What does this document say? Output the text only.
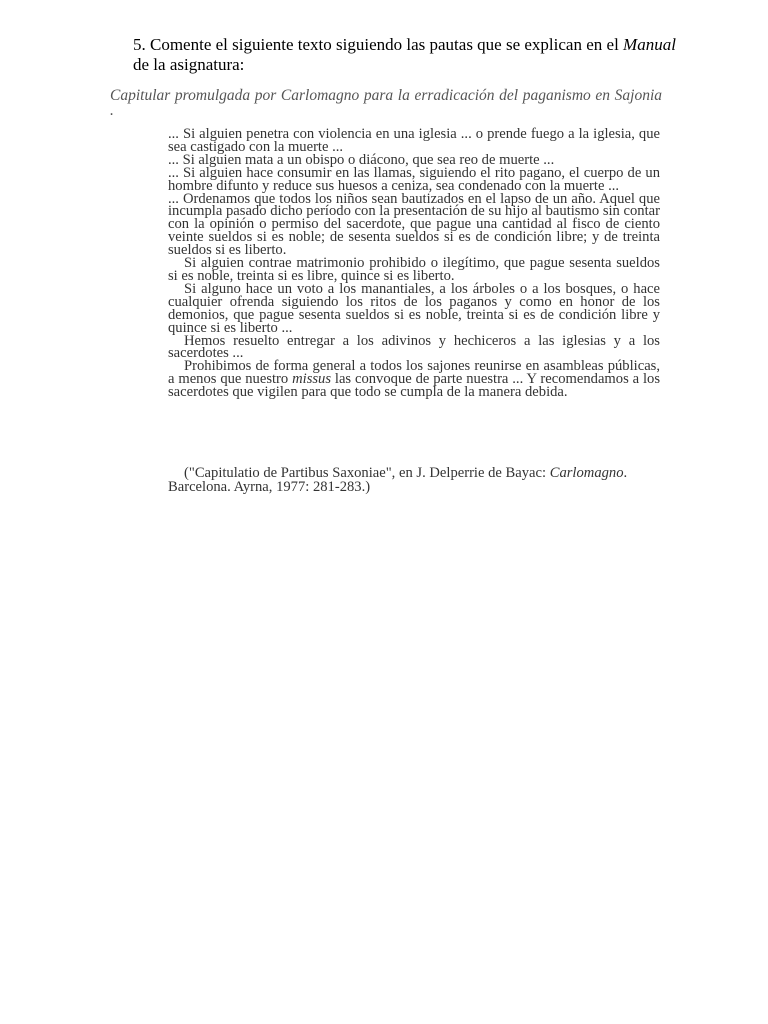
5. Comente el siguiente texto siguiendo las pautas que se explican en el Manual de la asignatura:
Capitular promulgada por Carlomagno para la erradicación del paganismo en Sajonia .

... Si alguien penetra con violencia en una iglesia ... o prende fuego a la iglesia, que sea castigado con la muerte ...

... Si alguien mata a un obispo o diácono, que sea reo de muerte ...

... Si alguien hace consumir en las llamas, siguiendo el rito pagano, el cuerpo de un hombre difunto y reduce sus huesos a ceniza, sea condenado con la muerte ...

... Ordenamos que todos los niños sean bautizados en el lapso de un año. Aquel que incumpla pasado dicho período con la presentación de su hijo al bautismo sin contar con la opinión o permiso del sacerdote, que pague una cantidad al fisco de ciento veinte sueldos si es noble; de sesenta sueldos si es de condición libre; y de treinta sueldos si es liberto.

Si alguien contrae matrimonio prohibido o ilegítimo, que pague sesenta sueldos si es noble, treinta si es libre, quince si es liberto.

Si alguno hace un voto a los manantiales, a los árboles o a los bosques, o hace cualquier ofrenda siguiendo los ritos de los paganos y como en honor de los demonios, que pague sesenta sueldos si es noble, treinta si es de condición libre y quince si es liberto ...

Hemos resuelto entregar a los adivinos y hechiceros a las iglesias y a los sacerdotes ...

Prohibimos de forma general a todos los sajones reunirse en asambleas públicas, a menos que nuestro missus las convoque de parte nuestra ... Y recomendamos a los sacerdotes que vigilen para que todo se cumpla de la manera debida.

("Capitulatio de Partibus Saxoniae", en J. Delperrie de Bayac: Carlomagno. Barcelona. Ayrna, 1977: 281-283.)
